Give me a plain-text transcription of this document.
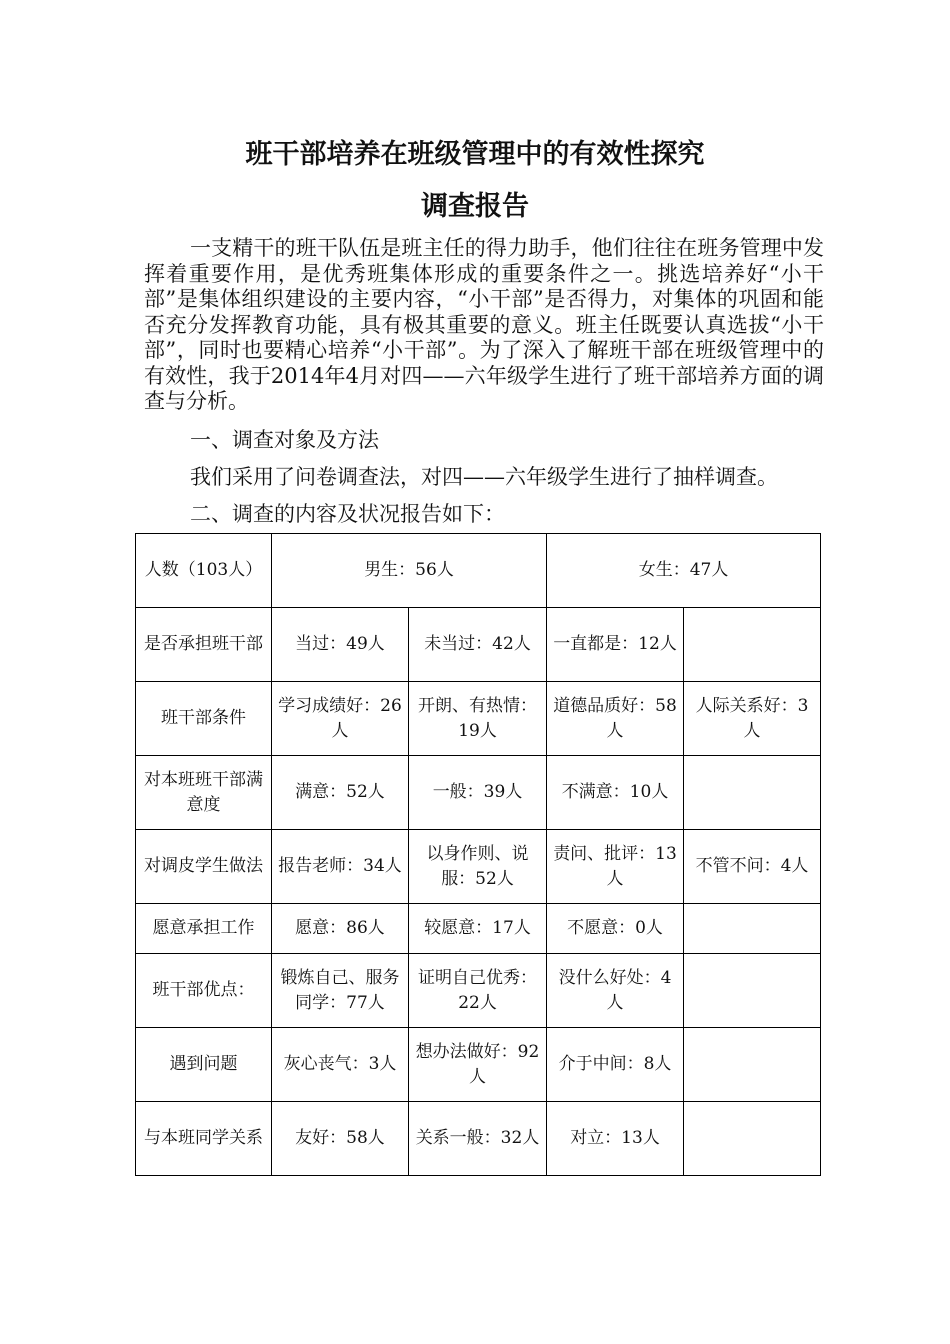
班干部培养在班级管理中的有效性探究
调查报告

一支精干的班干队伍是班主任的得力助手，他们往往在班务管理中发挥着重要作用，是优秀班集体形成的重要条件之一。挑选培养好“小干部”是集体组织建设的主要内容，“小干部”是否得力，对集体的巩固和能否充分发挥教育功能，具有极其重要的意义。班主任既要认真选拔“小干部”，同时也要精心培养“小干部”。为了深入了解班干部在班级管理中的有效性，我于2014年4月对四——六年级学生进行了班干部培养方面的调查与分析。

一、调查对象及方法
我们采用了问卷调查法，对四——六年级学生进行了抽样调查。
二、调查的内容及状况报告如下：
人数（103人）	男生：56人		女生：47人	
是否承担班干部	当过：49人	未当过：42人	一直都是：12人	
班干部条件	学习成绩好：26人	开朗、有热情：19人	道德品质好：58人	人际关系好：3人
对本班班干部满意度	满意：52人	一般：39人	不满意：10人	
对调皮学生做法	报告老师：34人	以身作则、说服：52人	责问、批评：13人	不管不问：4人
愿意承担工作	愿意：86人	较愿意：17人	不愿意：0人	
班干部优点：	锻炼自己、服务同学：77人	证明自己优秀：22人	没什么好处：4人	
遇到问题	灰心丧气：3人	想办法做好：92人	介于中间：8人	
与本班同学关系	友好：58人	关系一般：32人	对立：13人	
